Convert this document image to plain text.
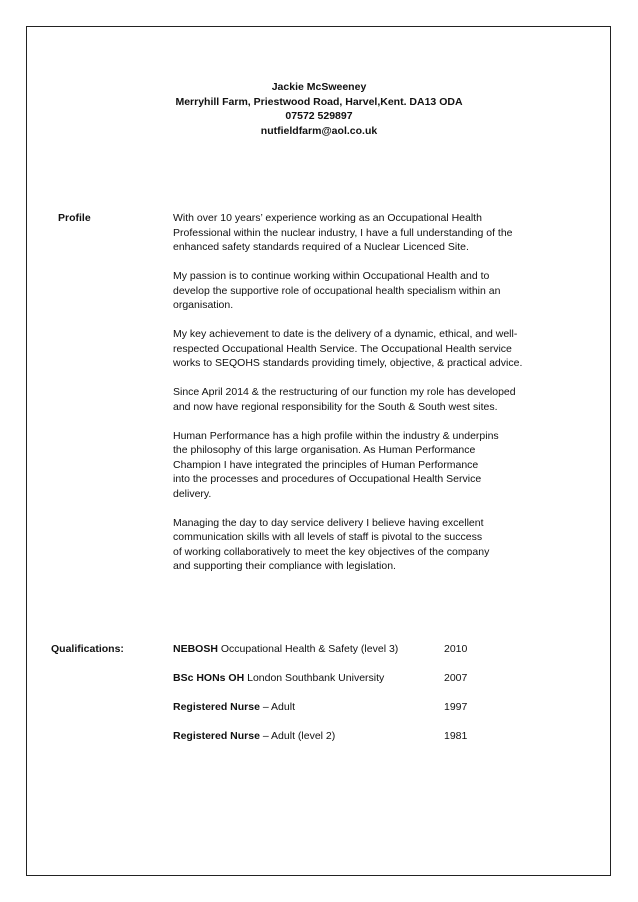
Jackie McSweeney
Merryhill Farm, Priestwood Road, Harvel,Kent. DA13 ODA
07572 529897
nutfieldfarm@aol.co.uk
Profile	With over 10 years’ experience working as an Occupational Health
Professional within the nuclear industry, I have a full understanding of the
enhanced safety standards required of a Nuclear Licenced Site.

My passion is to continue working within Occupational Health and to
develop the supportive role of occupational health specialism within an
organisation.

My key achievement to date is the delivery of a dynamic, ethical, and well-
respected Occupational Health Service. The Occupational Health service
works to SEQOHS standards providing timely, objective, & practical advice.

Since April 2014 & the restructuring of our function my role has developed
and now have regional responsibility for the South & South west sites.

Human Performance has a high profile within the industry & underpins
the philosophy of this large organisation. As Human Performance
Champion I have integrated the principles of Human Performance
into the processes and procedures of Occupational Health Service
delivery.

Managing the day to day service delivery I believe having excellent
communication skills with all levels of staff is pivotal to the success
of working collaboratively to meet the key objectives of the company
and supporting their compliance with legislation.

Qualifications:	NEBOSH Occupational Health & Safety (level 3)	2010
BSc HONs OH London Southbank University	2007
Registered Nurse – Adult	1997
Registered Nurse – Adult (level 2)	1981
